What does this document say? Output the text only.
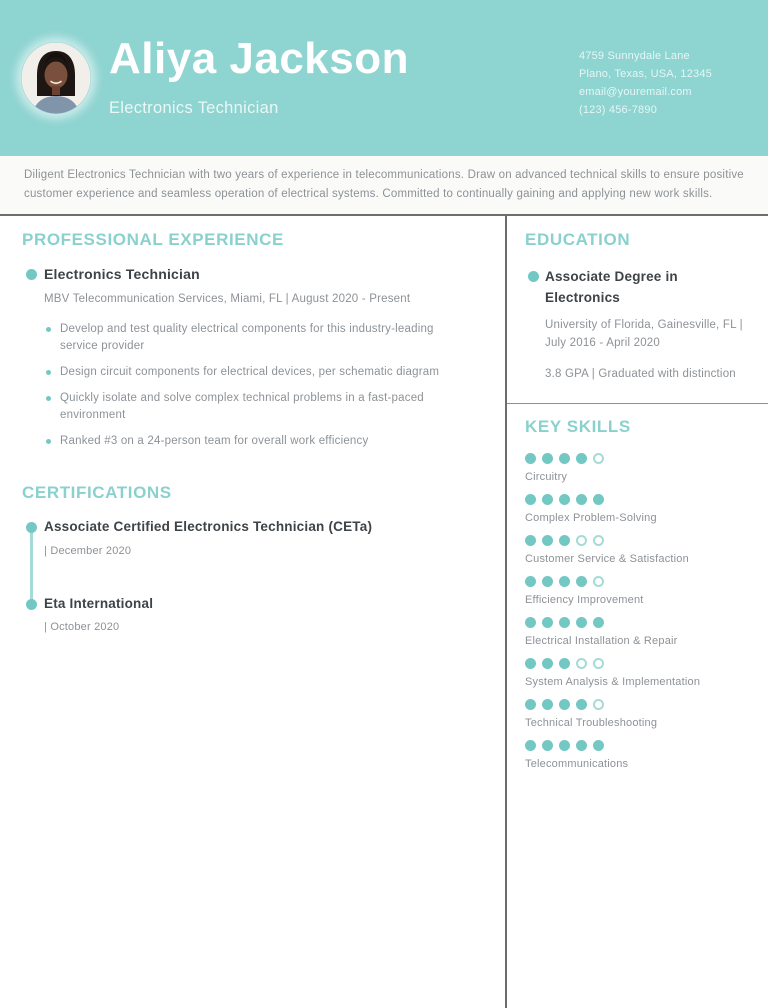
Aliya Jackson
Electronics Technician
4759 Sunnydale Lane
Plano, Texas, USA, 12345
email@youremail.com
(123) 456-7890

Diligent Electronics Technician with two years of experience in telecommunications. Draw on advanced technical skills to ensure positive customer experience and seamless operation of electrical systems. Committed to continually gaining and applying new work skills.

PROFESSIONAL EXPERIENCE
Electronics Technician
MBV Telecommunication Services, Miami, FL | August 2020 - Present
Develop and test quality electrical components for this industry-leading service provider
Design circuit components for electrical devices, per schematic diagram
Quickly isolate and solve complex technical problems in a fast-paced environment
Ranked #3 on a 24-person team for overall work efficiency
CERTIFICATIONS
Associate Certified Electronics Technician (CETa)
| December 2020
Eta International
| October 2020
EDUCATION
Associate Degree in Electronics
University of Florida, Gainesville, FL | July 2016 - April 2020
3.8 GPA | Graduated with distinction
KEY SKILLS
Circuitry
Complex Problem-Solving
Customer Service & Satisfaction
Efficiency Improvement
Electrical Installation & Repair
System Analysis & Implementation
Technical Troubleshooting
Telecommunications
